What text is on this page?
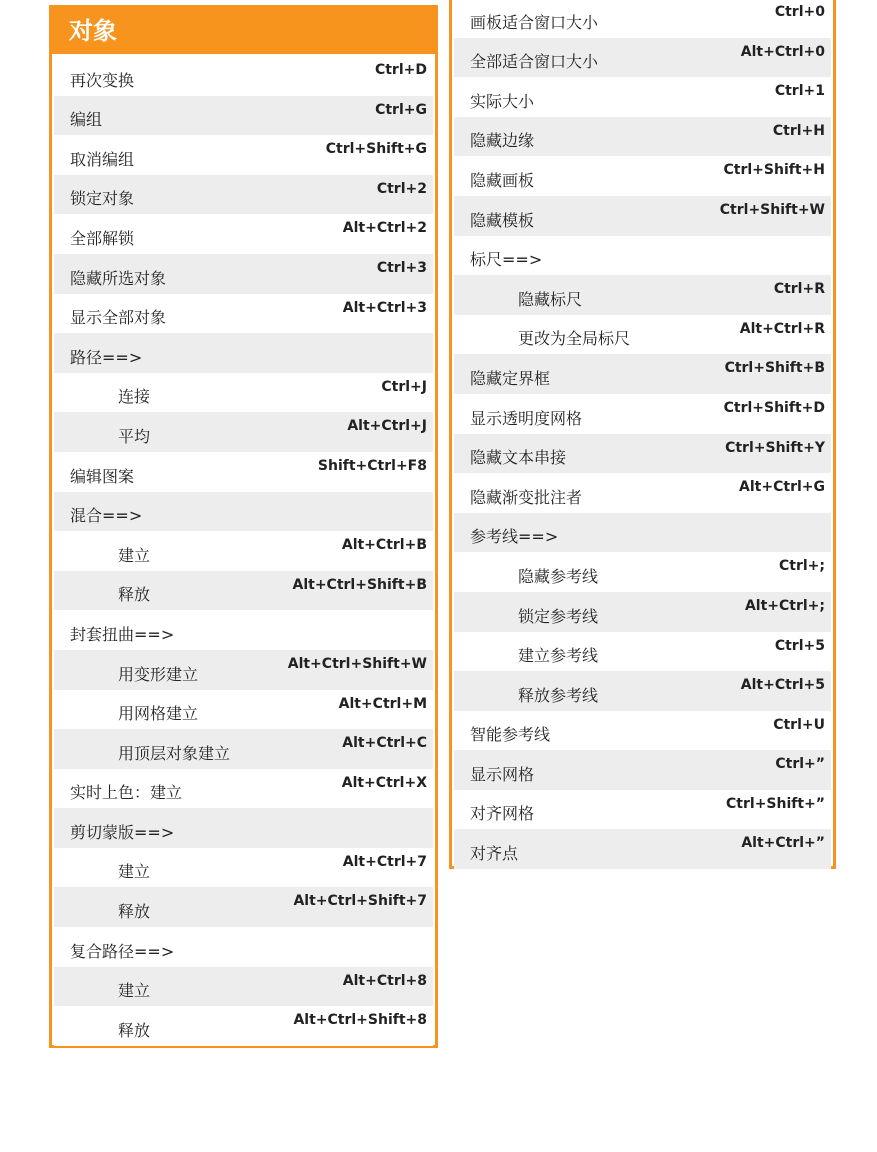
对象
再次变换
Ctrl+D
编组
Ctrl+G
取消编组
Ctrl+Shift+G
锁定对象
Ctrl+2
全部解锁
Alt+Ctrl+2
隐藏所选对象
Ctrl+3
显示全部对象
Alt+Ctrl+3
路径==>
连接
Ctrl+J
平均
Alt+Ctrl+J
编辑图案
Shift+Ctrl+F8
混合==>
建立
Alt+Ctrl+B
释放
Alt+Ctrl+Shift+B
封套扭曲==>
用变形建立
Alt+Ctrl+Shift+W
用网格建立
Alt+Ctrl+M
用顶层对象建立
Alt+Ctrl+C
实时上色：建立
Alt+Ctrl+X
剪切蒙版==>
建立
Alt+Ctrl+7
释放
Alt+Ctrl+Shift+7
复合路径==>
建立
Alt+Ctrl+8
释放
Alt+Ctrl+Shift+8
画板适合窗口大小
Ctrl+0
全部适合窗口大小
Alt+Ctrl+0
实际大小
Ctrl+1
隐藏边缘
Ctrl+H
隐藏画板
Ctrl+Shift+H
隐藏模板
Ctrl+Shift+W
标尺==>
隐藏标尺
Ctrl+R
更改为全局标尺
Alt+Ctrl+R
隐藏定界框
Ctrl+Shift+B
显示透明度网格
Ctrl+Shift+D
隐藏文本串接
Ctrl+Shift+Y
隐藏渐变批注者
Alt+Ctrl+G
参考线==>
隐藏参考线
Ctrl+;
锁定参考线
Alt+Ctrl+;
建立参考线
Ctrl+5
释放参考线
Alt+Ctrl+5
智能参考线
Ctrl+U
显示网格
Ctrl+”
对齐网格
Ctrl+Shift+”
对齐点
Alt+Ctrl+”
